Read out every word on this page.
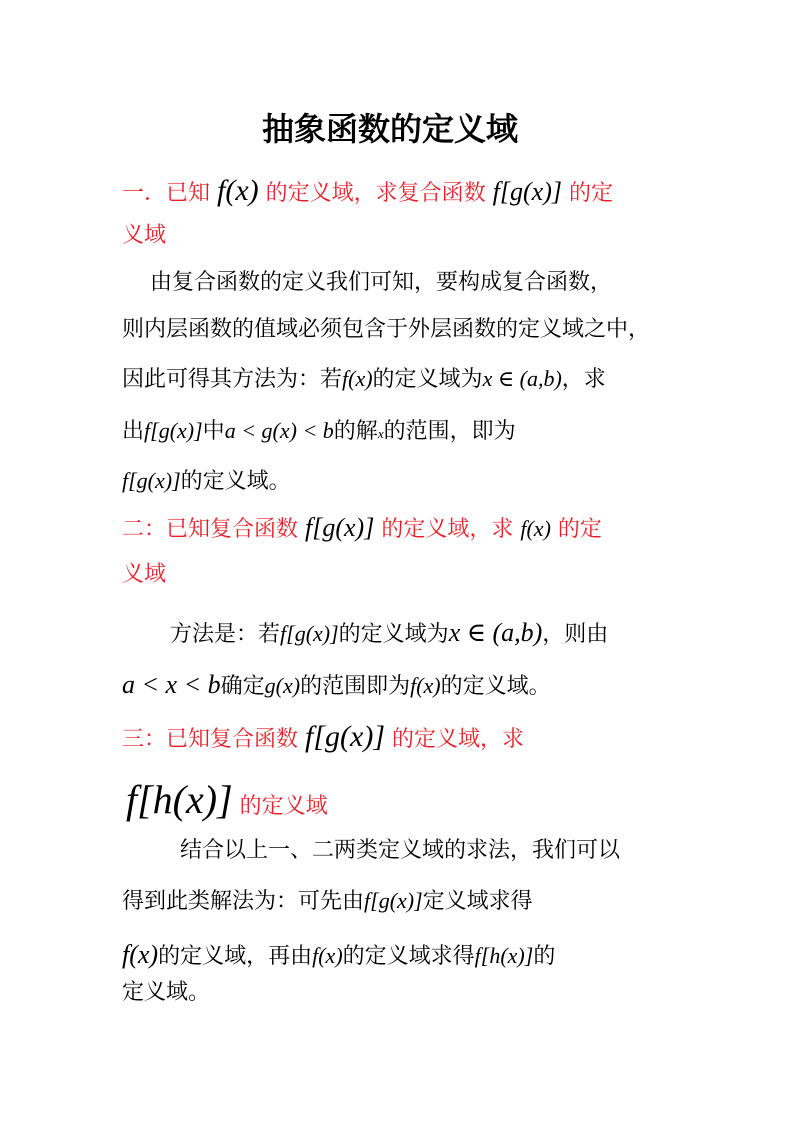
抽象函数的定义域
一．已知 f(x) 的定义域，求复合函数 f[g(x)] 的定
义域
由复合函数的定义我们可知，要构成复合函数，
则内层函数的值域必须包含于外层函数的定义域之中，
因此可得其方法为：若f(x)的定义域为x ∈ (a,b)，求
出f[g(x)]中a < g(x) < b的解x的范围，即为
f[g(x)]的定义域。
二：已知复合函数 f[g(x)] 的定义域，求 f(x) 的定
义域
方法是：若f[g(x)]的定义域为x ∈ (a,b)，则由
a < x < b确定g(x)的范围即为f(x)的定义域。
三：已知复合函数 f[g(x)] 的定义域，求
f[h(x)] 的定义域
结合以上一、二两类定义域的求法，我们可以
得到此类解法为：可先由f[g(x)]定义域求得
f(x)的定义域，再由f(x)的定义域求得f[h(x)]的
定义域。
